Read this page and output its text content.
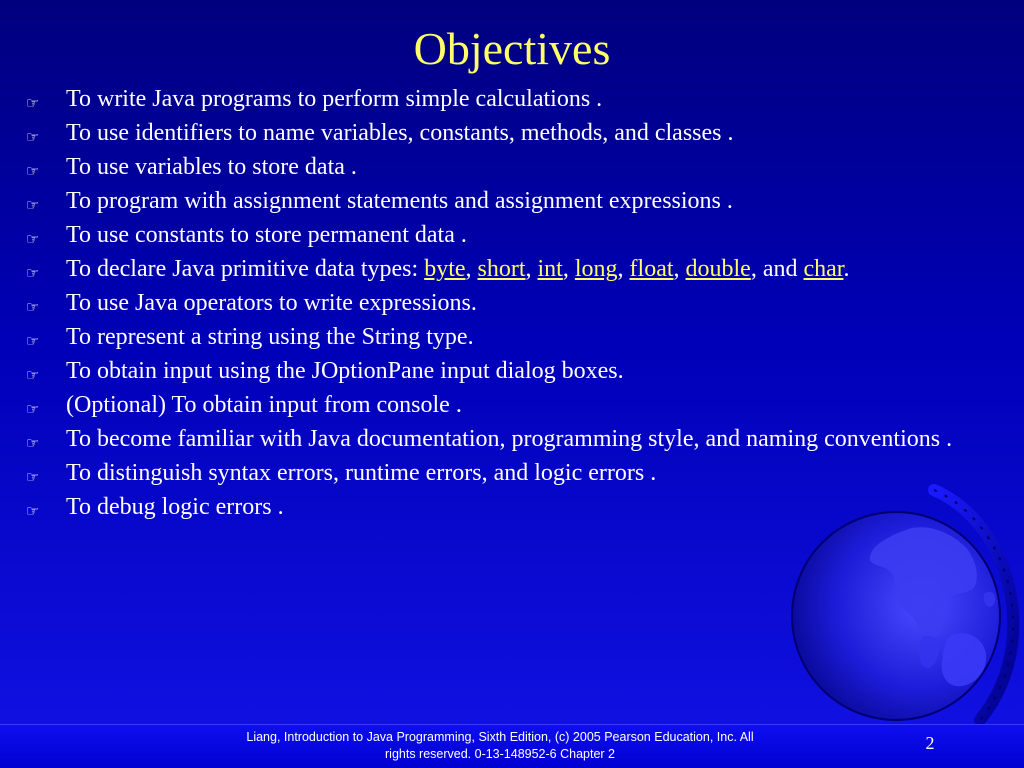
Objectives
☞ To write Java programs to perform simple calculations .
☞ To use identifiers to name variables, constants, methods, and classes .
☞ To use variables to store data .
☞ To program with assignment statements and assignment expressions .
☞ To use constants to store permanent data .
☞ To declare Java primitive data types: byte, short, int, long, float, double, and char.
☞ To use Java operators to write expressions.
☞ To represent a string using the String type.
☞ To obtain input using the JOptionPane input dialog boxes.
☞ (Optional) To obtain input from console .
☞ To become familiar with Java documentation, programming style, and naming conventions .
☞ To distinguish syntax errors, runtime errors, and logic errors .
☞ To debug logic errors .
Liang, Introduction to Java Programming, Sixth Edition, (c) 2005 Pearson Education, Inc. All
rights reserved. 0-13-148952-6 Chapter 2
2
